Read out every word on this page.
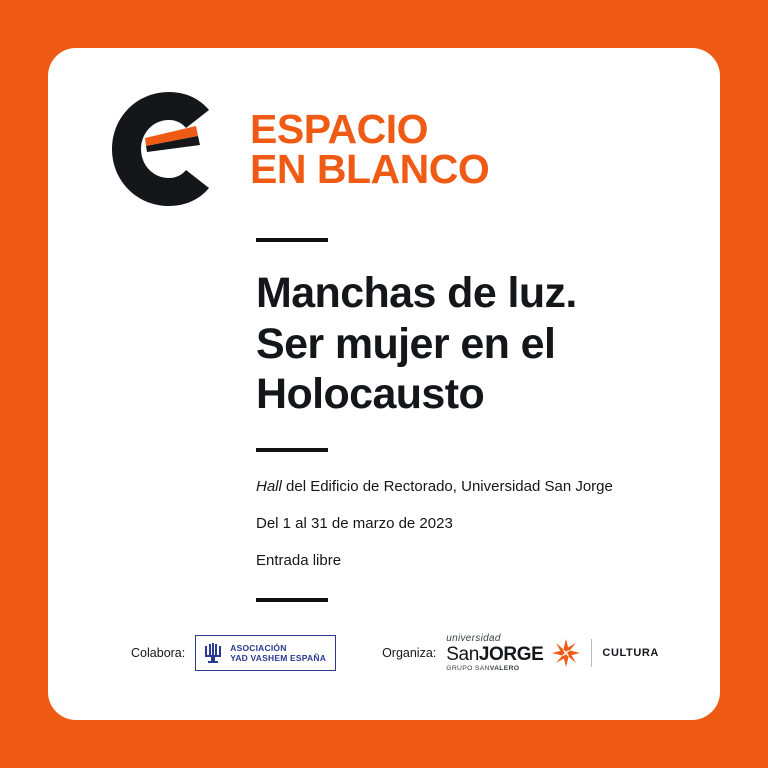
ESPACIO
EN BLANCO
Manchas de luz.
Ser mujer en el
Holocausto
Hall del Edificio de Rectorado, Universidad San Jorge
Del 1 al 31 de marzo de 2023
Entrada libre
Colabora:	ASOCIACIÓN
YAD VASHEM ESPAÑA	Organiza:
universidad
SanJORGE
GRUPO SANVALERO
CULTURA
